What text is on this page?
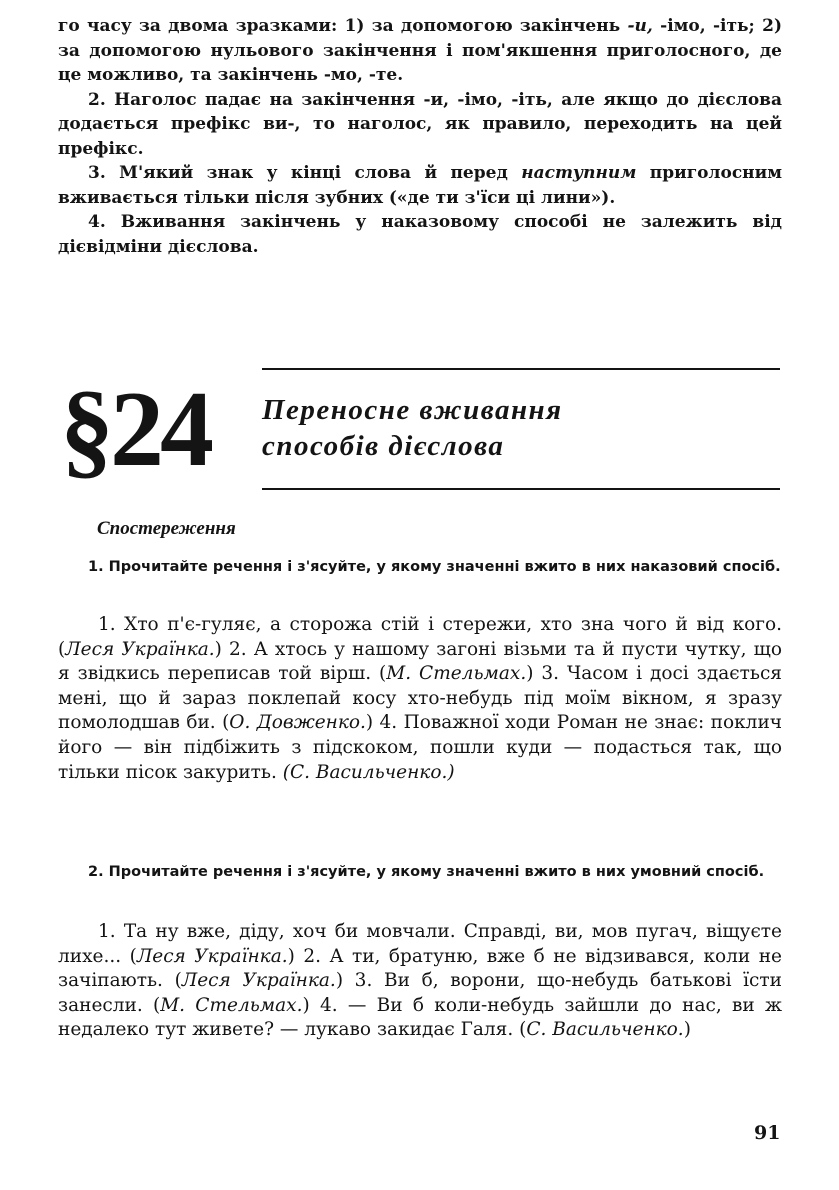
го часу за двома зразками: 1) за допомогою закінчень -и, -імо, -іть; 2) за допомогою нульового закінчення і пом'якшення приголосного, де це можливо, та закінчень -мо, -те.

2. Наголос падає на закінчення -и, -імо, -іть, але якщо до дієслова додається префікс ви-, то наголос, як правило, переходить на цей префікс.

3. М'який знак у кінці слова й перед наступним приголосним вживається тільки після зубних («де ти з'їси ці лини»).

4. Вживання закінчень у наказовому способі не залежить від дієвідміни дієслова.

§24 Переносне вживання
способів дієслова
Спостереження

1. Прочитайте речення і з'ясуйте, у якому значенні вжито в них наказовий спосіб.

1. Хто п'є-гуляє, а сторожа стій і стережи, хто зна чого й від кого. (Леся Українка.) 2. А хтось у нашому загоні візьми та й пусти чутку, що я звідкись переписав той вірш. (М. Стельмах.) 3. Часом і досі здається мені, що й зараз поклепай косу хто-небудь під моїм вікном, я зразу помолодшав би. (О. Довженко.) 4. Поважної ходи Роман не знає: поклич його — він підбіжить з підскоком, пошли куди — подасться так, що тільки пісок закурить. (С. Васильченко.)

2. Прочитайте речення і з'ясуйте, у якому значенні вжито в них умовний спосіб.

1. Та ну вже, діду, хоч би мовчали. Справді, ви, мов пугач, віщуєте лихе... (Леся Українка.) 2. А ти, братуню, вже б не відзивався, коли не зачіпають. (Леся Українка.) 3. Ви б, ворони, що-небудь батькові їсти занесли. (М. Стельмах.) 4. — Ви б коли-небудь зайшли до нас, ви ж недалеко тут живете? — лукаво закидає Галя. (С. Васильченко.)

91
